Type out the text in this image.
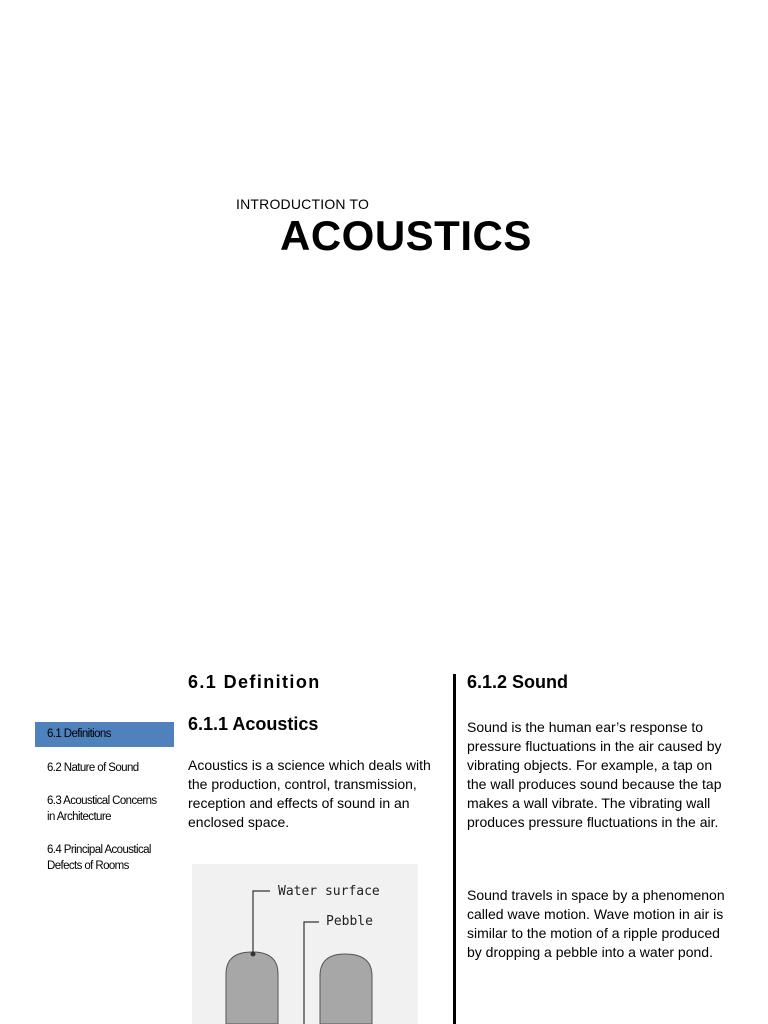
INTRODUCTION TO
ACOUSTICS
6.1 Definitions
6.2 Nature of Sound
6.3 Acoustical Concerns in Architecture
6.4 Principal Acoustical Defects of Rooms
6.1 Definition
6.1.1 Acoustics
Acoustics is a science which deals with the production, control, transmission, reception and effects of sound in an enclosed space.
Water surface
Pebble
6.1.2 Sound
Sound is the human ear’s response to pressure fluctuations in the air caused by vibrating objects. For example, a tap on the wall produces sound because the tap makes a wall vibrate. The vibrating wall produces pressure fluctuations in the air.
Sound travels in space by a phenomenon called wave motion. Wave motion in air is similar to the motion of a ripple produced by dropping a pebble into a water pond.
